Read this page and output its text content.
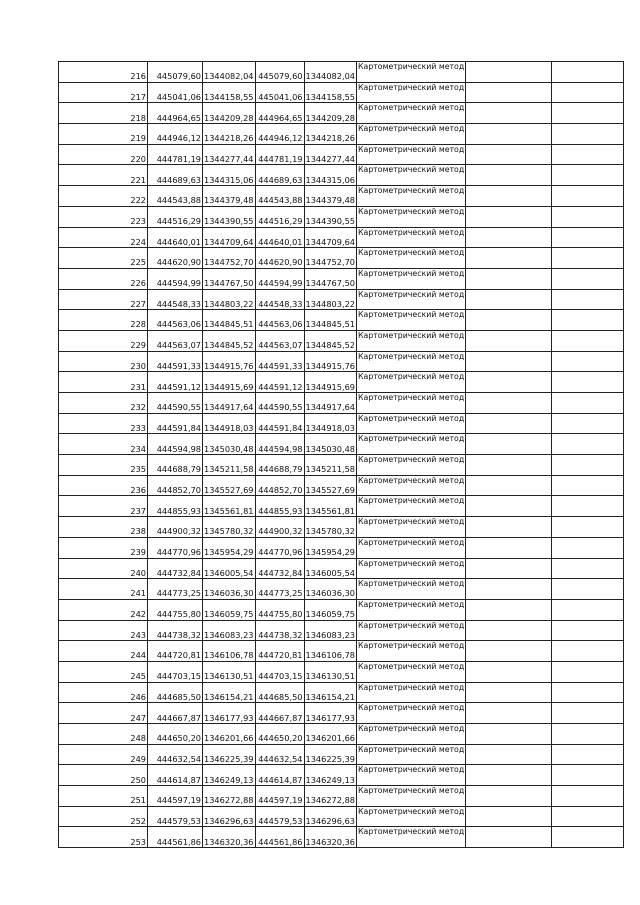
216	445079,60	1344082,04	445079,60	1344082,04	Картометрический метод		
217	445041,06	1344158,55	445041,06	1344158,55	Картометрический метод		
218	444964,65	1344209,28	444964,65	1344209,28	Картометрический метод		
219	444946,12	1344218,26	444946,12	1344218,26	Картометрический метод		
220	444781,19	1344277,44	444781,19	1344277,44	Картометрический метод		
221	444689,63	1344315,06	444689,63	1344315,06	Картометрический метод		
222	444543,88	1344379,48	444543,88	1344379,48	Картометрический метод		
223	444516,29	1344390,55	444516,29	1344390,55	Картометрический метод		
224	444640,01	1344709,64	444640,01	1344709,64	Картометрический метод		
225	444620,90	1344752,70	444620,90	1344752,70	Картометрический метод		
226	444594,99	1344767,50	444594,99	1344767,50	Картометрический метод		
227	444548,33	1344803,22	444548,33	1344803,22	Картометрический метод		
228	444563,06	1344845,51	444563,06	1344845,51	Картометрический метод		
229	444563,07	1344845,52	444563,07	1344845,52	Картометрический метод		
230	444591,33	1344915,76	444591,33	1344915,76	Картометрический метод		
231	444591,12	1344915,69	444591,12	1344915,69	Картометрический метод		
232	444590,55	1344917,64	444590,55	1344917,64	Картометрический метод		
233	444591,84	1344918,03	444591,84	1344918,03	Картометрический метод		
234	444594,98	1345030,48	444594,98	1345030,48	Картометрический метод		
235	444688,79	1345211,58	444688,79	1345211,58	Картометрический метод		
236	444852,70	1345527,69	444852,70	1345527,69	Картометрический метод		
237	444855,93	1345561,81	444855,93	1345561,81	Картометрический метод		
238	444900,32	1345780,32	444900,32	1345780,32	Картометрический метод		
239	444770,96	1345954,29	444770,96	1345954,29	Картометрический метод		
240	444732,84	1346005,54	444732,84	1346005,54	Картометрический метод		
241	444773,25	1346036,30	444773,25	1346036,30	Картометрический метод		
242	444755,80	1346059,75	444755,80	1346059,75	Картометрический метод		
243	444738,32	1346083,23	444738,32	1346083,23	Картометрический метод		
244	444720,81	1346106,78	444720,81	1346106,78	Картометрический метод		
245	444703,15	1346130,51	444703,15	1346130,51	Картометрический метод		
246	444685,50	1346154,21	444685,50	1346154,21	Картометрический метод		
247	444667,87	1346177,93	444667,87	1346177,93	Картометрический метод		
248	444650,20	1346201,66	444650,20	1346201,66	Картометрический метод		
249	444632,54	1346225,39	444632,54	1346225,39	Картометрический метод		
250	444614,87	1346249,13	444614,87	1346249,13	Картометрический метод		
251	444597,19	1346272,88	444597,19	1346272,88	Картометрический метод		
252	444579,53	1346296,63	444579,53	1346296,63	Картометрический метод		
253	444561,86	1346320,36	444561,86	1346320,36	Картометрический метод		
